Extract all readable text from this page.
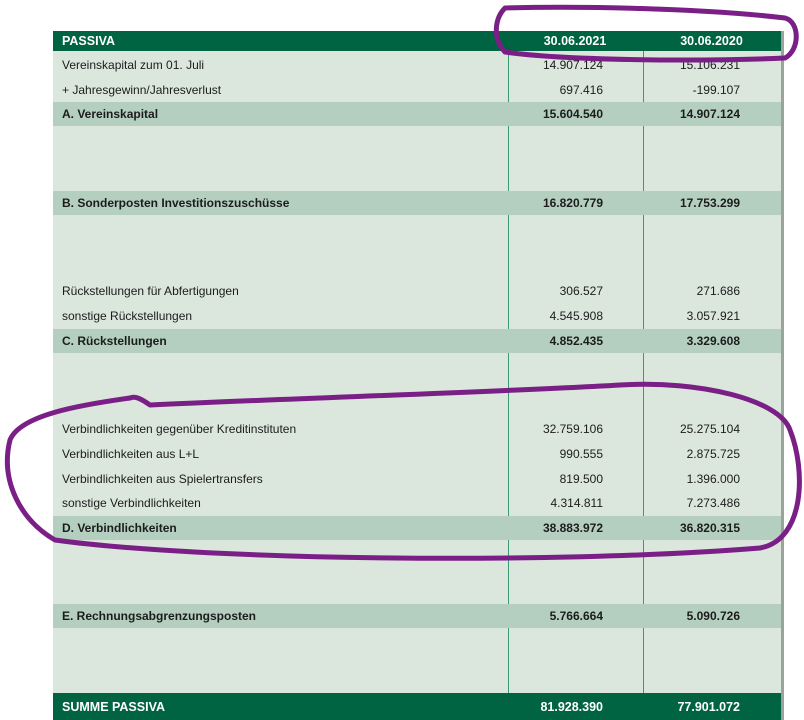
PASSIVA	30.06.2021	30.06.2020
Vereinskapital zum 01. Juli	14.907.124	15.106.231
+ Jahresgewinn/Jahresverlust	697.416	-199.107
A. Vereinskapital	15.604.540	14.907.124
B. Sonderposten Investitionszuschüsse	16.820.779	17.753.299
Rückstellungen für Abfertigungen	306.527	271.686
sonstige Rückstellungen	4.545.908	3.057.921
C. Rückstellungen	4.852.435	3.329.608
Verbindlichkeiten gegenüber Kreditinstituten	32.759.106	25.275.104
Verbindlichkeiten aus L+L	990.555	2.875.725
Verbindlichkeiten aus Spielertransfers	819.500	1.396.000
sonstige Verbindlichkeiten	4.314.811	7.273.486
D. Verbindlichkeiten	38.883.972	36.820.315
E. Rechnungsabgrenzungsposten	5.766.664	5.090.726
SUMME PASSIVA	81.928.390	77.901.072
